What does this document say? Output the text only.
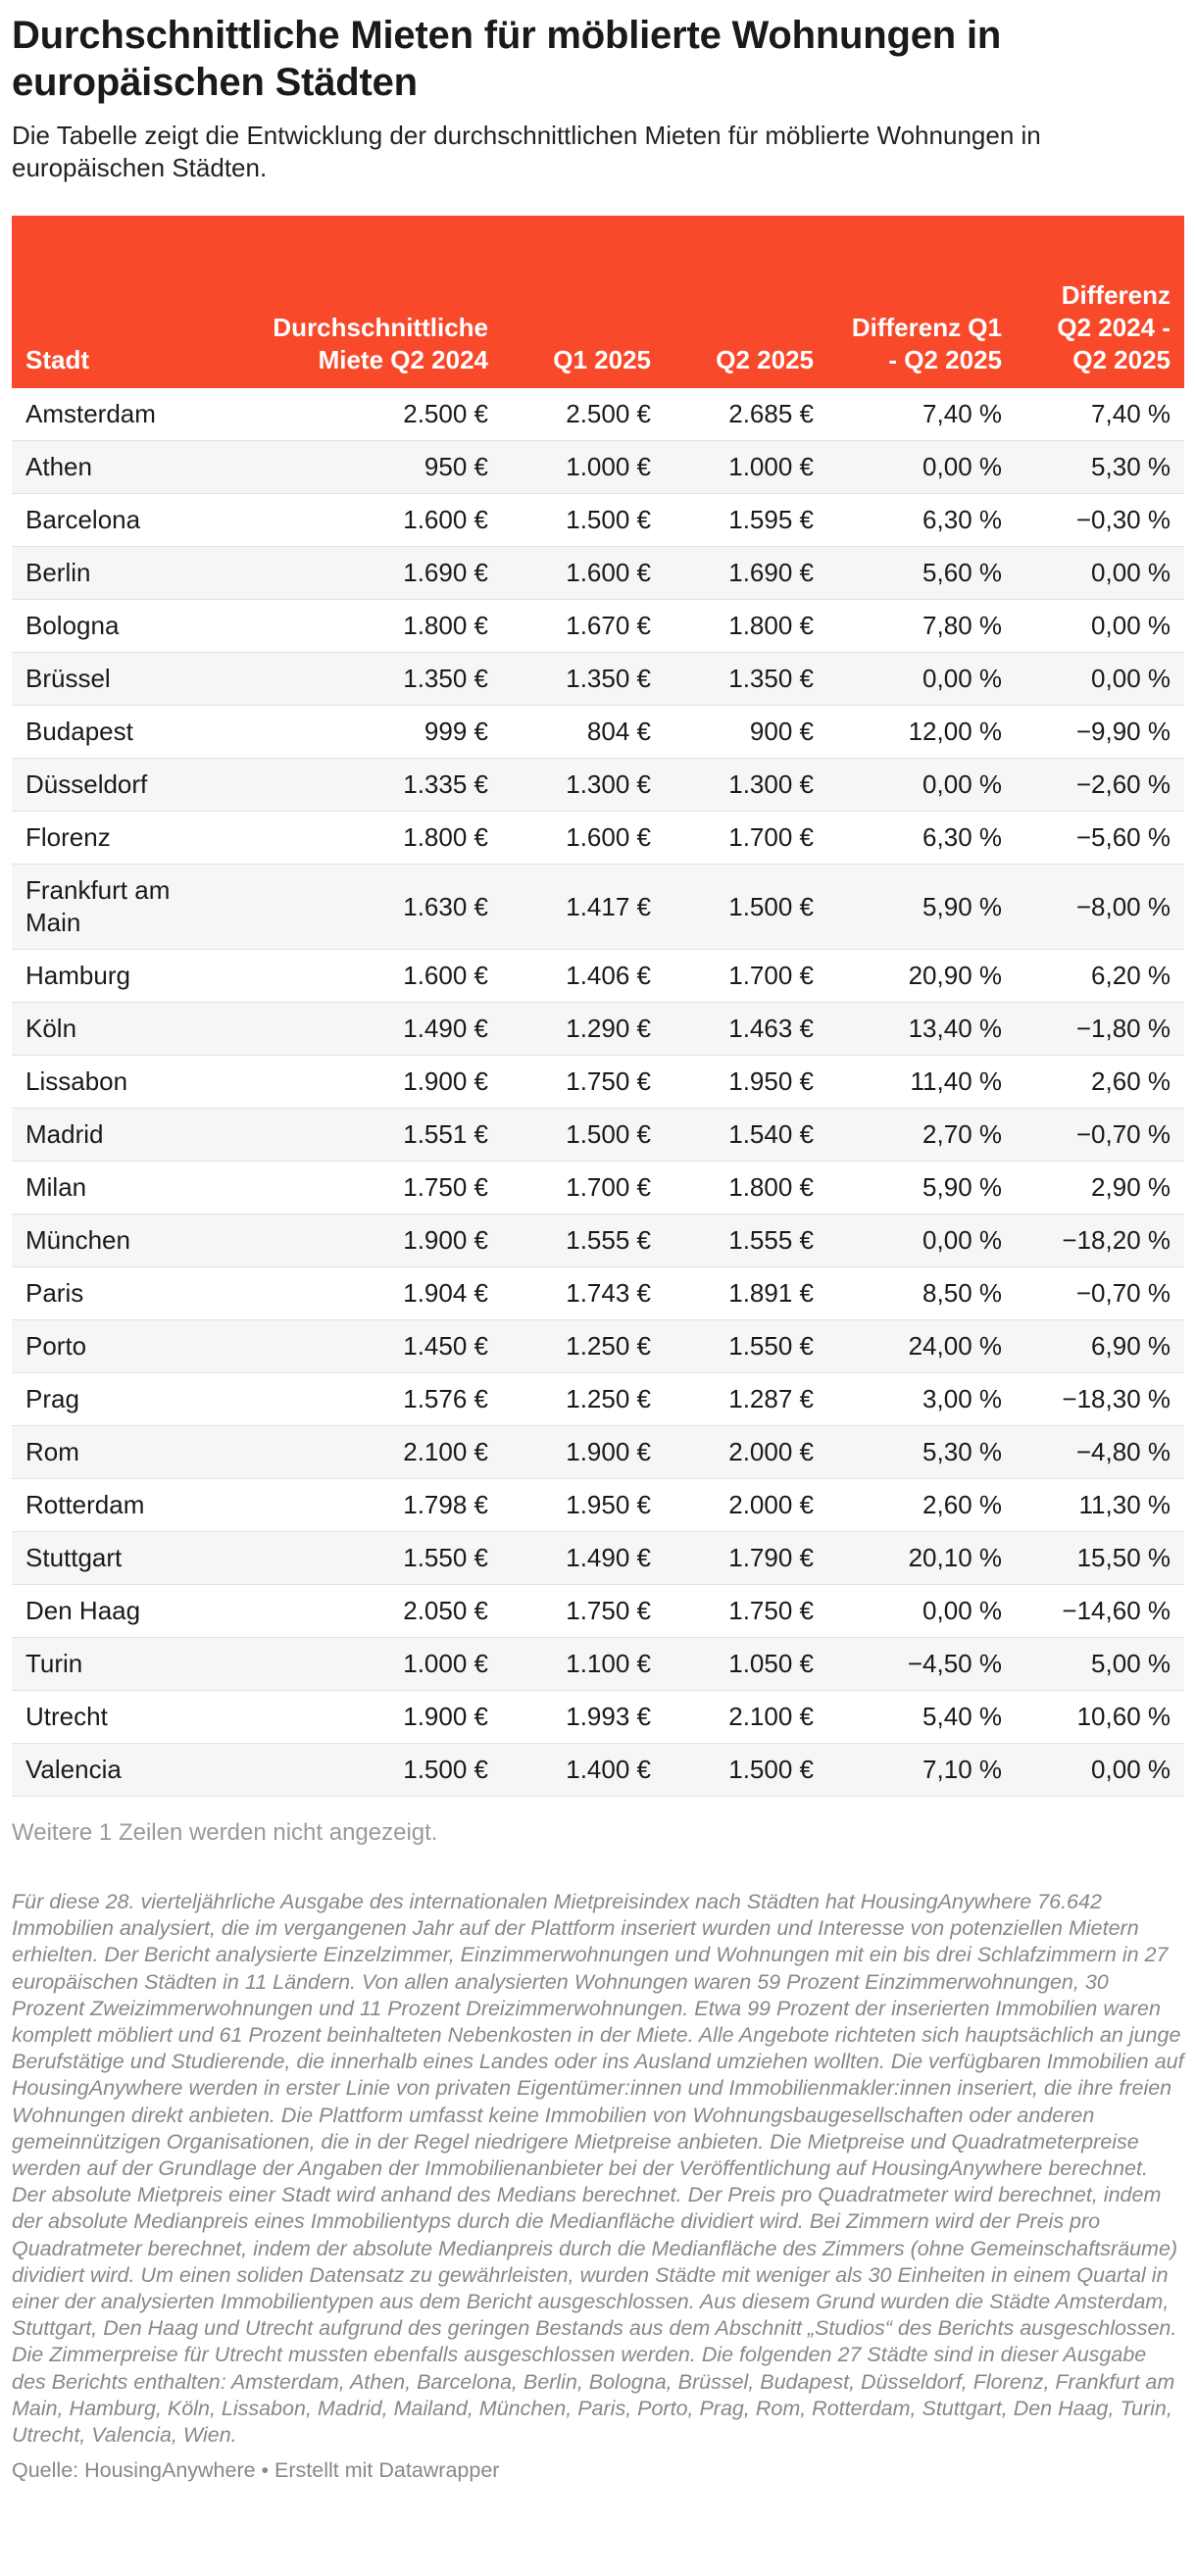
Durchschnittliche Mieten für möblierte Wohnungen in europäischen Städten

Die Tabelle zeigt die Entwicklung der durchschnittlichen Mieten für möblierte Wohnungen in europäischen Städten.

Stadt	Durchschnittliche Miete Q2 2024	Q1 2025	Q2 2025	Differenz Q1 - Q2 2025	Differenz Q2 2024 - Q2 2025
Amsterdam	2.500 €	2.500 €	2.685 €	7,40 %	7,40 %
Athen	950 €	1.000 €	1.000 €	0,00 %	5,30 %
Barcelona	1.600 €	1.500 €	1.595 €	6,30 %	−0,30 %
Berlin	1.690 €	1.600 €	1.690 €	5,60 %	0,00 %
Bologna	1.800 €	1.670 €	1.800 €	7,80 %	0,00 %
Brüssel	1.350 €	1.350 €	1.350 €	0,00 %	0,00 %
Budapest	999 €	804 €	900 €	12,00 %	−9,90 %
Düsseldorf	1.335 €	1.300 €	1.300 €	0,00 %	−2,60 %
Florenz	1.800 €	1.600 €	1.700 €	6,30 %	−5,60 %
Frankfurt am Main	1.630 €	1.417 €	1.500 €	5,90 %	−8,00 %
Hamburg	1.600 €	1.406 €	1.700 €	20,90 %	6,20 %
Köln	1.490 €	1.290 €	1.463 €	13,40 %	−1,80 %
Lissabon	1.900 €	1.750 €	1.950 €	11,40 %	2,60 %
Madrid	1.551 €	1.500 €	1.540 €	2,70 %	−0,70 %
Milan	1.750 €	1.700 €	1.800 €	5,90 %	2,90 %
München	1.900 €	1.555 €	1.555 €	0,00 %	−18,20 %
Paris	1.904 €	1.743 €	1.891 €	8,50 %	−0,70 %
Porto	1.450 €	1.250 €	1.550 €	24,00 %	6,90 %
Prag	1.576 €	1.250 €	1.287 €	3,00 %	−18,30 %
Rom	2.100 €	1.900 €	2.000 €	5,30 %	−4,80 %
Rotterdam	1.798 €	1.950 €	2.000 €	2,60 %	11,30 %
Stuttgart	1.550 €	1.490 €	1.790 €	20,10 %	15,50 %
Den Haag	2.050 €	1.750 €	1.750 €	0,00 %	−14,60 %
Turin	1.000 €	1.100 €	1.050 €	−4,50 %	5,00 %
Utrecht	1.900 €	1.993 €	2.100 €	5,40 %	10,60 %
Valencia	1.500 €	1.400 €	1.500 €	7,10 %	0,00 %
Weitere 1 Zeilen werden nicht angezeigt.
Für diese 28. vierteljährliche Ausgabe des internationalen Mietpreisindex nach Städten hat HousingAnywhere 76.642 Immobilien analysiert, die im vergangenen Jahr auf der Plattform inseriert wurden und Interesse von potenziellen Mietern erhielten. Der Bericht analysierte Einzelzimmer, Einzimmerwohnungen und Wohnungen mit ein bis drei Schlafzimmern in 27 europäischen Städten in 11 Ländern. Von allen analysierten Wohnungen waren 59 Prozent Einzimmerwohnungen, 30 Prozent Zweizimmerwohnungen und 11 Prozent Dreizimmerwohnungen. Etwa 99 Prozent der inserierten Immobilien waren komplett möbliert und 61 Prozent beinhalteten Nebenkosten in der Miete. Alle Angebote richteten sich hauptsächlich an junge Berufstätige und Studierende, die innerhalb eines Landes oder ins Ausland umziehen wollten. Die verfügbaren Immobilien auf HousingAnywhere werden in erster Linie von privaten Eigentümer:innen und Immobilienmakler:innen inseriert, die ihre freien Wohnungen direkt anbieten. Die Plattform umfasst keine Immobilien von Wohnungsbaugesellschaften oder anderen gemeinnützigen Organisationen, die in der Regel niedrigere Mietpreise anbieten. Die Mietpreise und Quadratmeterpreise werden auf der Grundlage der Angaben der Immobilienanbieter bei der Veröffentlichung auf HousingAnywhere berechnet. Der absolute Mietpreis einer Stadt wird anhand des Medians berechnet. Der Preis pro Quadratmeter wird berechnet, indem der absolute Medianpreis eines Immobilientyps durch die Medianfläche dividiert wird. Bei Zimmern wird der Preis pro Quadratmeter berechnet, indem der absolute Medianpreis durch die Medianfläche des Zimmers (ohne Gemeinschaftsräume) dividiert wird. Um einen soliden Datensatz zu gewährleisten, wurden Städte mit weniger als 30 Einheiten in einem Quartal in einer der analysierten Immobilientypen aus dem Bericht ausgeschlossen. Aus diesem Grund wurden die Städte Amsterdam, Stuttgart, Den Haag und Utrecht aufgrund des geringen Bestands aus dem Abschnitt „Studios“ des Berichts ausgeschlossen. Die Zimmerpreise für Utrecht mussten ebenfalls ausgeschlossen werden. Die folgenden 27 Städte sind in dieser Ausgabe des Berichts enthalten: Amsterdam, Athen, Barcelona, Berlin, Bologna, Brüssel, Budapest, Düsseldorf, Florenz, Frankfurt am Main, Hamburg, Köln, Lissabon, Madrid, Mailand, München, Paris, Porto, Prag, Rom, Rotterdam, Stuttgart, Den Haag, Turin, Utrecht, Valencia, Wien.
Quelle: HousingAnywhere • Erstellt mit Datawrapper
